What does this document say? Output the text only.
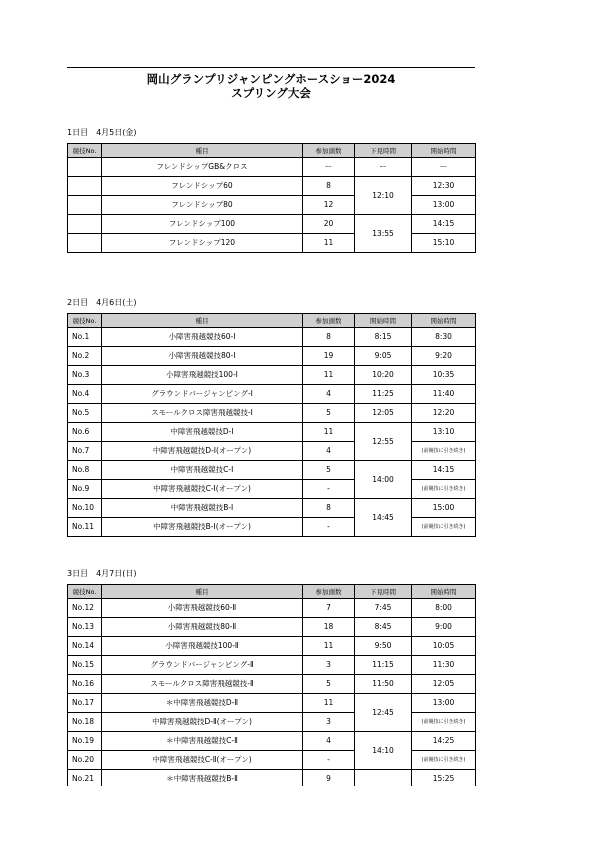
岡山グランプリジャンピングホースショー2024
スプリング大会
1日目　4月5日(金)
競技No.	種目	参加頭数	下見時間	開始時間
	フレンドシップGB&クロス	ー	ー	ー
	フレンドシップ60	8	12:10	12:30
	フレンドシップ80	12		13:00
	フレンドシップ100	20	13:55	14:15
	フレンドシップ120	11		15:10
2日目　4月6日(土)
競技No.	種目	参加頭数	開始時間	開始時間
No.1	小障害飛越競技60-Ⅰ	8	8:15	8:30
No.2	小障害飛越競技80-Ⅰ	19	9:05	9:20
No.3	小障害飛越競技100-Ⅰ	11	10:20	10:35
No.4	グラウンドバージャンピング-Ⅰ	4	11:25	11:40
No.5	スモールクロス障害飛越競技-Ⅰ	5	12:05	12:20
No.6	中障害飛越競技D-Ⅰ	11	12:55	13:10
No.7	中障害飛越競技D-Ⅰ(オープン)	4		(前競技に引き続き)
No.8	中障害飛越競技C-Ⅰ	5	14:00	14:15
No.9	中障害飛越競技C-Ⅰ(オープン)	-		(前競技に引き続き)
No.10	中障害飛越競技B-Ⅰ	8	14:45	15:00
No.11	中障害飛越競技B-Ⅰ(オープン)	-		(前競技に引き続き)
3日目　4月7日(日)
競技No.	種目	参加頭数	下見時間	開始時間
No.12	小障害飛越競技60-Ⅱ	7	7:45	8:00
No.13	小障害飛越競技80-Ⅱ	18	8:45	9:00
No.14	小障害飛越競技100-Ⅱ	11	9:50	10:05
No.15	グラウンドバージャンピング-Ⅱ	3	11:15	11:30
No.16	スモールクロス障害飛越競技-Ⅱ	5	11:50	12:05
No.17	＊中障害飛越競技D-Ⅱ	11	12:45	13:00
No.18	中障害飛越競技D-Ⅱ(オープン)	3		(前競技に引き続き)
No.19	＊中障害飛越競技C-Ⅱ	4	14:10	14:25
No.20	中障害飛越競技C-Ⅱ(オープン)	-		(前競技に引き続き)
No.21	＊中障害飛越競技B-Ⅱ	9		15:25
